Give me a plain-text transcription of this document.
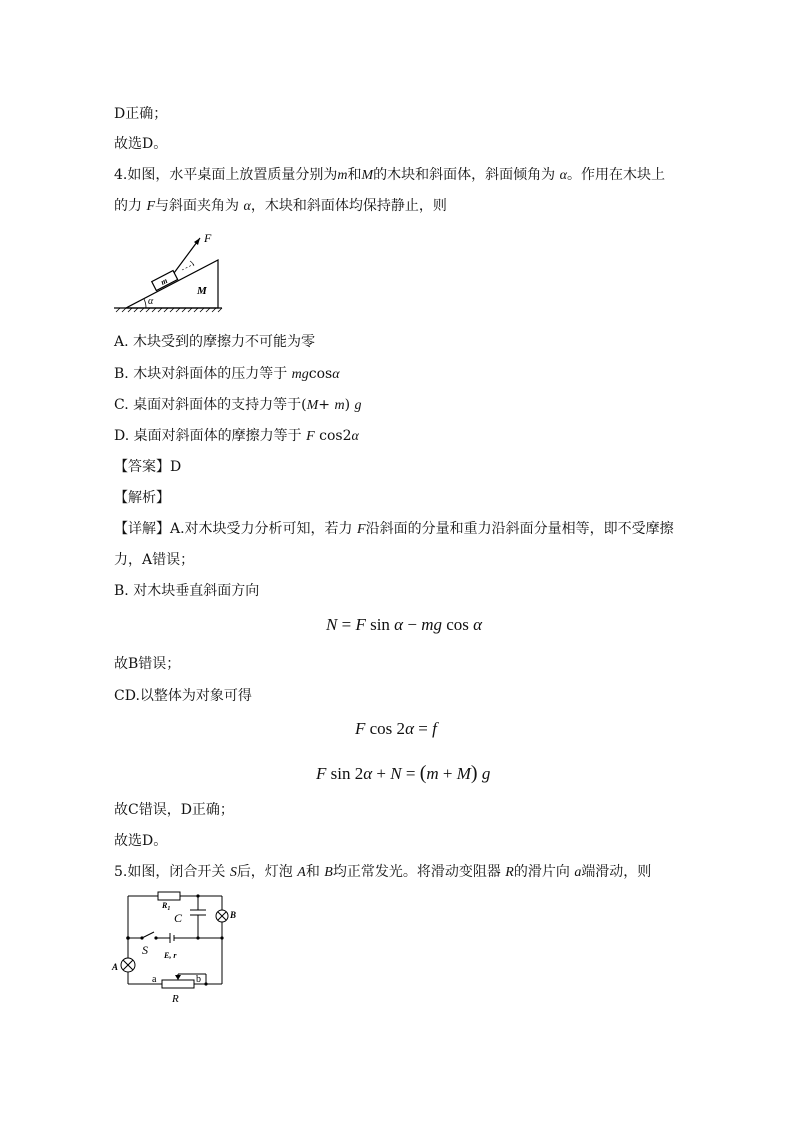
D正确；
故选D。
4.如图，水平桌面上放置质量分别为m和M的木块和斜面体，斜面倾角为 α。作用在木块上
的力 F与斜面夹角为 α，木块和斜面体均保持静止，则
α
m
F
M
A. 木块受到的摩擦力不可能为零
B. 木块对斜面体的压力等于 mgcosα
C. 桌面对斜面体的支持力等于(M+ m) g
D. 桌面对斜面体的摩擦力等于 F cos2α
【答案】D
【解析】
【详解】A.对木块受力分析可知，若力 F沿斜面的分量和重力沿斜面分量相等，即不受摩擦
力，A错误；
B. 对木块垂直斜面方向
N = F sin α − mg cos α
故B错误；
CD.以整体为对象可得
F cos 2α = f
F sin 2α + N = (m + M) g
故C错误，D正确；
故选D。
5.如图，闭合开关 S后，灯泡 A和 B均正常发光。将滑动变阻器 R的滑片向 a端滑动，则
$R_1$
C	B
S E, r
A
a	b
R
